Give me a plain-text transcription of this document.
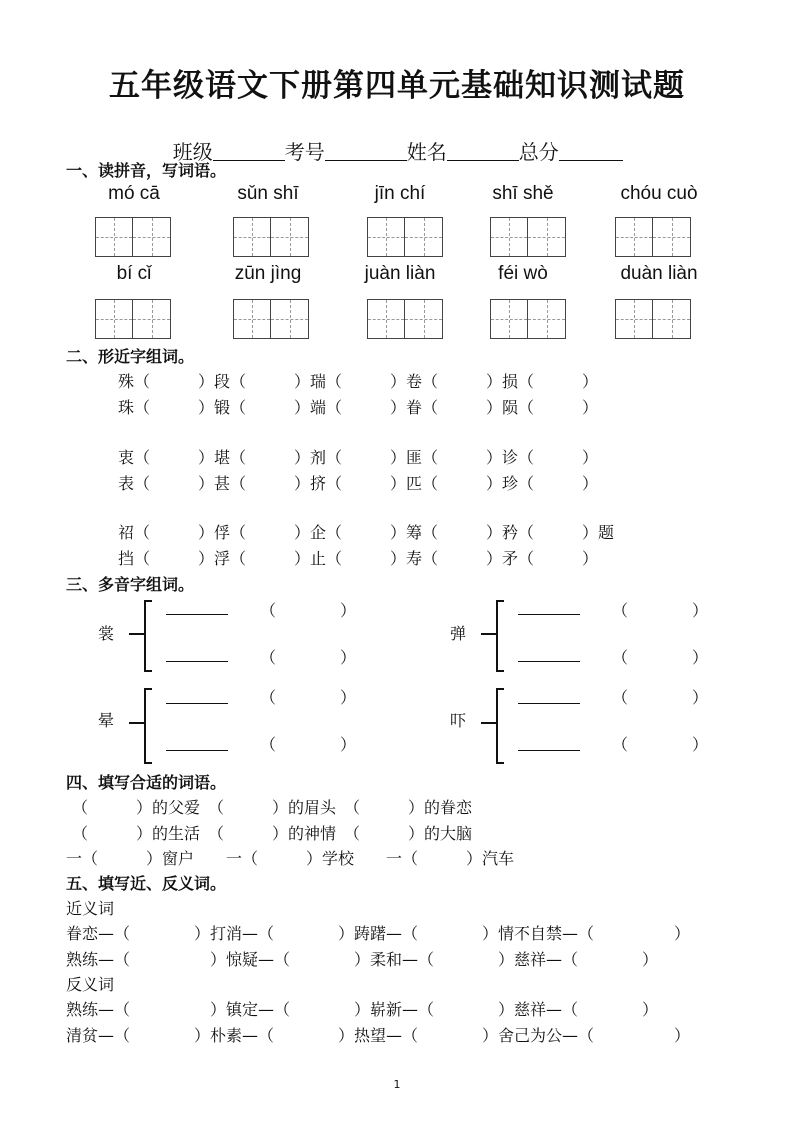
五年级语文下册第四单元基础知识测试题

班级	考号	姓名	总分

一、读拼音，写词语。
mó cā	sǔn shī	jīn chí	shī shě	chóu cuò
bí cǐ	zūn jìng	juàn liàn	féi wò	duàn liàn
二、形近字组词。
殊（　　　）段（　　　）瑞（　　　）卷（　　　）损（　　　）
珠（　　　）锻（　　　）端（　　　）眷（　　　）陨（　　　）
衷（　　　）堪（　　　）剂（　　　）匪（　　　）诊（　　　）
表（　　　）甚（　　　）挤（　　　）匹（　　　）珍（　　　）
祒（　　　）俘（　　　）企（　　　）筹（　　　）矜（　　　）题
挡（　　　）浮（　　　）止（　　　）寿（　　　）矛（　　　）
三、多音字组词。
裳
（　　　　）
（　　　　）
弹
（　　　　）
（　　　　）
晕
（　　　　）
（　　　　）
吓
（　　　　）
（　　　　）
四、填写合适的词语。
（　　　）的父爱　（　　　）的眉头　（　　　）的眷恋
（　　　）的生活　（　　　）的神情　（　　　）的大脑
一（　　　）窗户　　一（　　　）学校　　一（　　　）汽车
五、填写近、反义词。
近义词
眷恋—（　　　　）打消—（　　　　）踌躇—（　　　　）情不自禁—（　　　　　）
熟练—（　　　　　）惊疑—（　　　　）柔和—（　　　　）慈祥—（　　　　）
反义词
熟练—（　　　　　）镇定—（　　　　）崭新—（　　　　）慈祥—（　　　　）
清贫—（　　　　）朴素—（　　　　）热望—（　　　　）舍己为公—（　　　　　）
1
